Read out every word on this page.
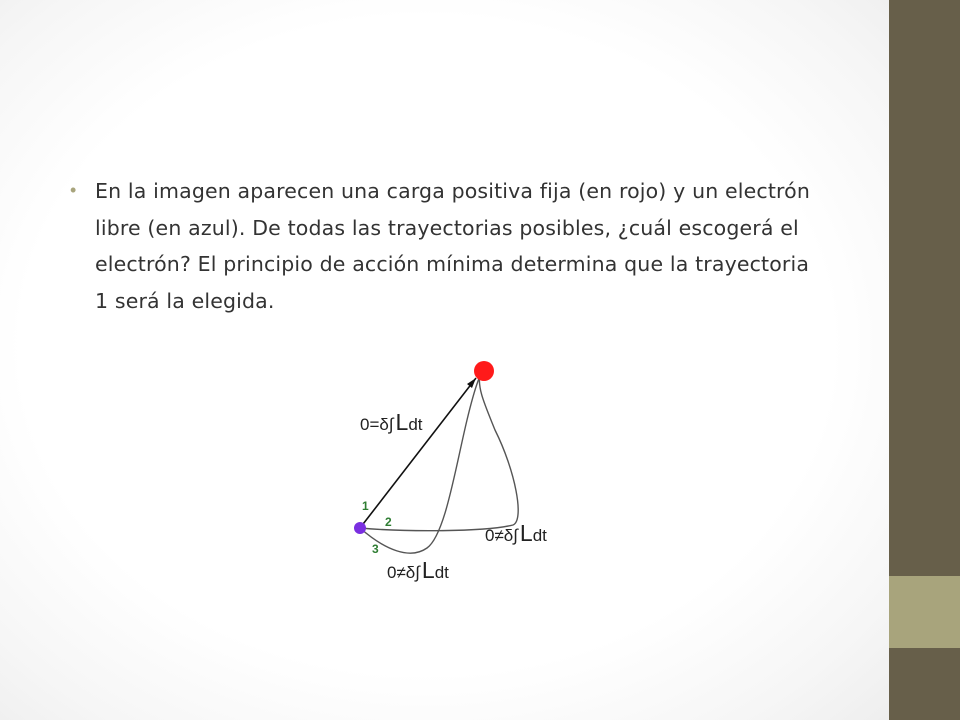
• En la imagen aparecen una carga positiva fija (en rojo) y un electrón libre (en azul). De todas las trayectorias posibles, ¿cuál escogerá el electrón? El principio de acción mínima determina que la trayectoria 1 será la elegida.
0=δ∫Ldt
0≠δ∫Ldt
0≠δ∫Ldt
1
2
3
